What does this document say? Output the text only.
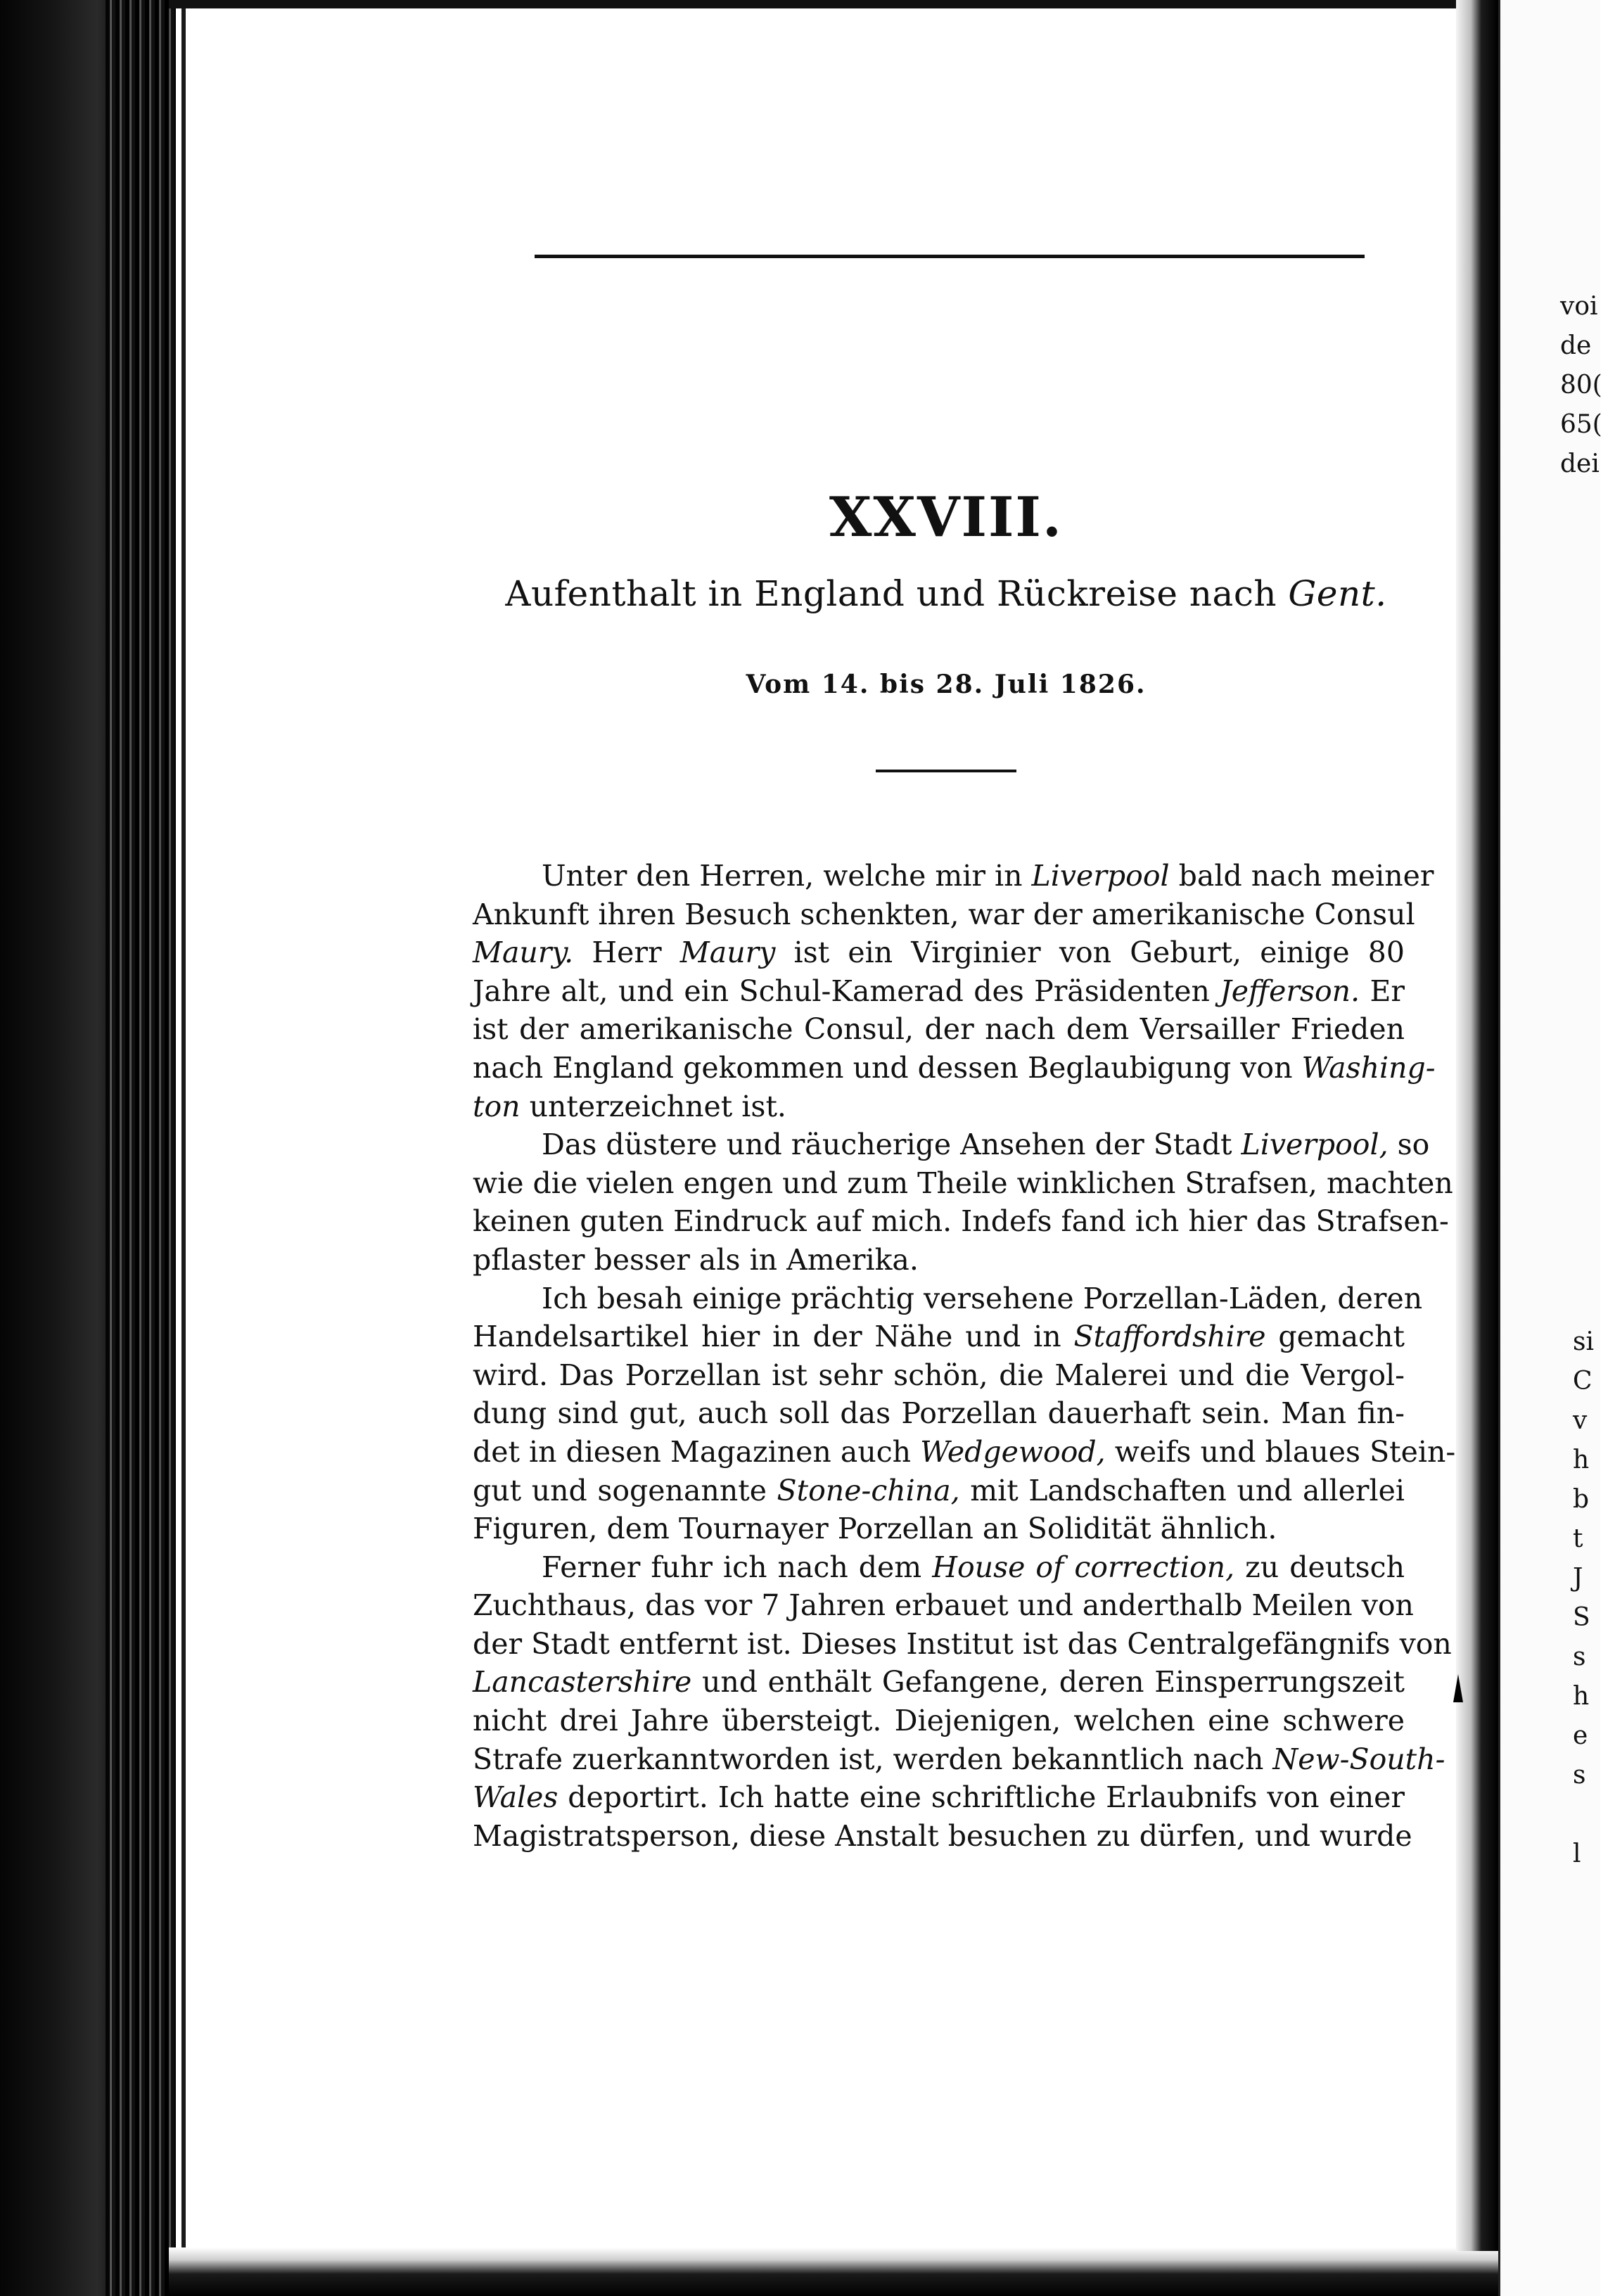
voi
de
80(
65(
dei
si
C
v
h
b
t
J
S
s
h
e
s

l
XXVIII.
Aufenthalt in England und Rückreise nach Gent.
Vom 14. bis 28. Juli 1826.
Unter den Herren, welche mir in Liverpool bald nach meiner
Ankunft ihren Besuch schenkten, war der amerikanische Consul
Maury. Herr Maury ist ein Virginier von Geburt, einige 80
Jahre alt, und ein Schul-Kamerad des Präsidenten Jefferson. Er
ist der amerikanische Consul, der nach dem Versailler Frieden
nach England gekommen und dessen Beglaubigung von Washing-
ton unterzeichnet ist.
Das düstere und räucherige Ansehen der Stadt Liverpool, so
wie die vielen engen und zum Theile winklichen Strafsen, machten
keinen guten Eindruck auf mich. Indefs fand ich hier das Strafsen-
pflaster besser als in Amerika.
Ich besah einige prächtig versehene Porzellan-Läden, deren
Handelsartikel hier in der Nähe und in Staffordshire gemacht
wird. Das Porzellan ist sehr schön, die Malerei und die Vergol-
dung sind gut, auch soll das Porzellan dauerhaft sein. Man fin-
det in diesen Magazinen auch Wedgewood, weifs und blaues Stein-
gut und sogenannte Stone-china, mit Landschaften und allerlei
Figuren, dem Tournayer Porzellan an Solidität ähnlich.
Ferner fuhr ich nach dem House of correction, zu deutsch
Zuchthaus, das vor 7 Jahren erbauet und anderthalb Meilen von
der Stadt entfernt ist. Dieses Institut ist das Centralgefängnifs von
Lancastershire und enthält Gefangene, deren Einsperrungszeit
nicht drei Jahre übersteigt. Diejenigen, welchen eine schwere
Strafe zuerkanntworden ist, werden bekanntlich nach New-South-
Wales deportirt. Ich hatte eine schriftliche Erlaubnifs von einer
Magistratsperson, diese Anstalt besuchen zu dürfen, und wurde
